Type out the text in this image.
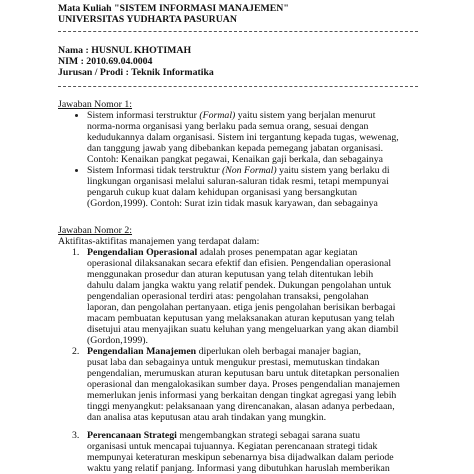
Mata Kuliah "SISTEM INFORMASI MANAJEMEN"
UNIVERSITAS YUDHARTA PASURUAN
Nama : HUSNUL KHOTIMAH
NIM : 2010.69.04.0004
Jurusan / Prodi : Teknik Informatika
Jawaban Nomor 1:
Sistem informasi terstruktur (Formal) yaitu sistem yang berjalan menurut
norma-norma organisasi yang berlaku pada semua orang, sesuai dengan
kedudukannya dalam organisasi. Sistem ini tergantung kepada tugas, wewenag,
dan tanggung jawab yang dibebankan kepada pemegang jabatan organisasi.
Contoh: Kenaikan pangkat pegawai, Kenaikan gaji berkala, dan sebagainya
Sistem Informasi tidak terstruktur (Non Formal) yaitu sistem yang berlaku di
lingkungan organisasi melalui saluran-saluran tidak resmi, tetapi mempunyai
pengaruh cukup kuat dalam kehidupan organisasi yang bersangkutan
(Gordon,1999). Contoh: Surat izin tidak masuk karyawan, dan sebagainya
Jawaban Nomor 2:
Aktifitas-aktifitas manajemen yang terdapat dalam:
1. Pengendalian Operasional adalah proses penempatan agar kegiatan
operasional dilaksanakan secara efektif dan efisien. Pengendalian operasional
menggunakan prosedur dan aturan keputusan yang telah ditentukan lebih
dahulu dalam jangka waktu yang relatif pendek. Dukungan pengolahan untuk
pengendalian operasional terdiri atas: pengolahan transaksi, pengolahan
laporan, dan pengolahan pertanyaan. etiga jenis pengolahan berisikan berbagai
macam pembuatan keputusan yang melaksanakan aturan keputusan yang telah
disetujui atau menyajikan suatu keluhan yang mengeluarkan yang akan diambil
(Gordon,1999).
2. Pengendalian Manajemen diperlukan oleh berbagai manajer bagian,
pusat laba dan sebagainya untuk mengukur prestasi, memutuskan tindakan
pengendalian, merumuskan aturan keputusan baru untuk ditetapkan personalien
operasional dan mengalokasikan sumber daya. Proses pengendalian manajemen
memerlukan jenis informasi yang berkaitan dengan tingkat agregasi yang lebih
tinggi menyangkut: pelaksanaan yang direncanakan, alasan adanya perbedaan,
dan analisa atas keputusan atau arah tindakan yang mungkin.
3. Perencanaan Strategi mengembangkan strategi sebagai sarana suatu
organisasi untuk mencapai tujuannya. Kegiatan perencanaan strategi tidak
mempunyai keteraturan meskipun sebenarnya bisa dijadwalkan dalam periode
waktu yang relatif panjang. Informasi yang dibutuhkan haruslah memberikan
